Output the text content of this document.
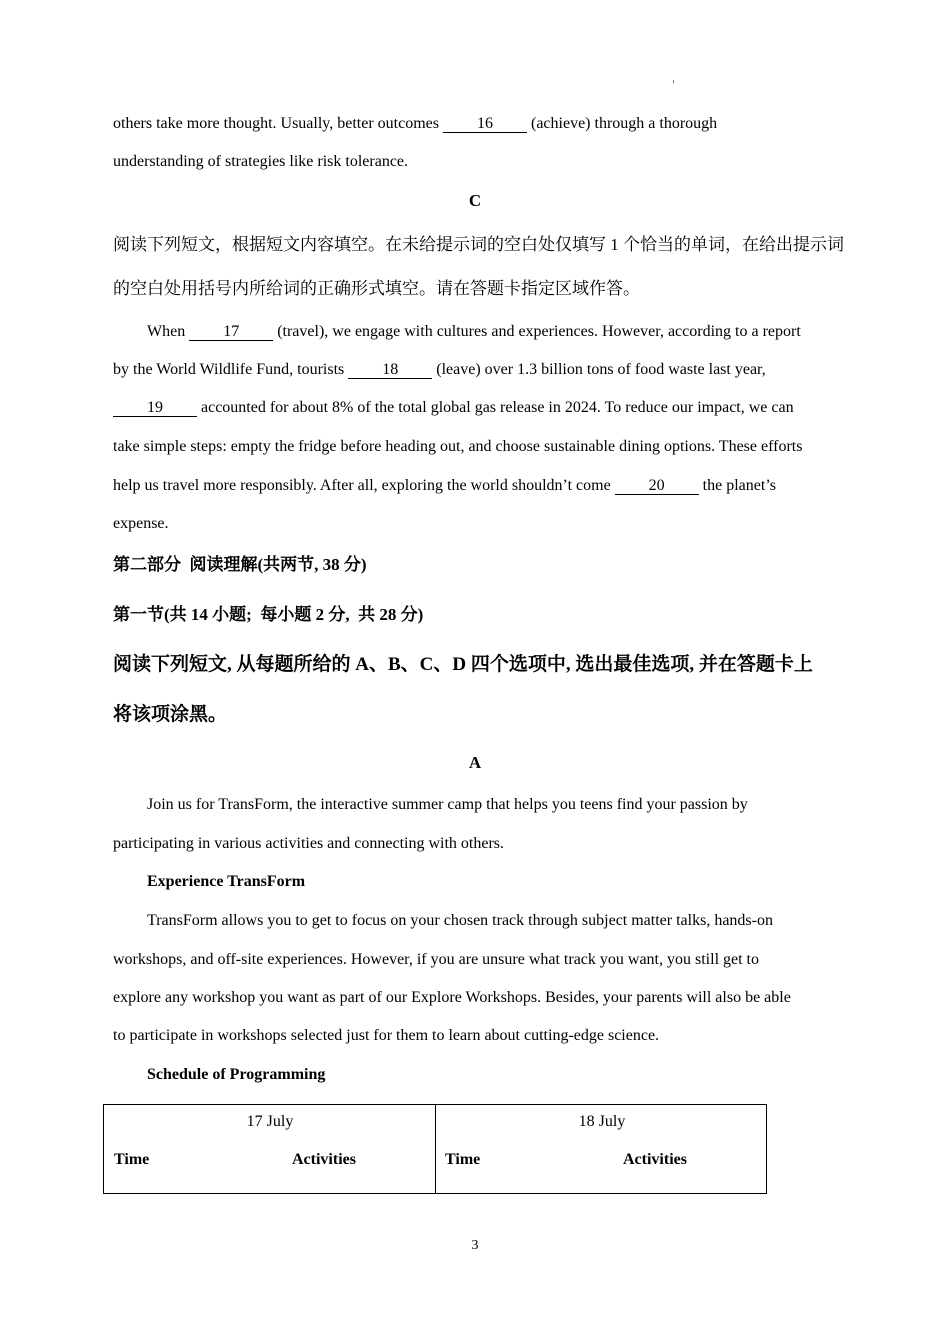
others take more thought. Usually, better outcomes 16 (achieve) through a thorough
understanding of strategies like risk tolerance.
C
阅读下列短文，根据短文内容填空。在未给提示词的空白处仅填写 1 个恰当的单词，在给出提示词
的空白处用括号内所给词的正确形式填空。请在答题卡指定区域作答。
When 17 (travel), we engage with cultures and experiences. However, according to a report
by the World Wildlife Fund, tourists 18 (leave) over 1.3 billion tons of food waste last year,
19 accounted for about 8% of the total global gas release in 2024. To reduce our impact, we can
take simple steps: empty the fridge before heading out, and choose sustainable dining options. These efforts
help us travel more responsibly. After all, exploring the world shouldn’t come 20 the planet’s
expense.
第二部分  阅读理解(共两节, 38 分)
第一节(共 14 小题;  每小题 2 分,  共 28 分)
阅读下列短文, 从每题所给的 A、B、C、D 四个选项中, 选出最佳选项, 并在答题卡上
将该项涂黑。
A
Join us for TransForm, the interactive summer camp that helps you teens find your passion by
participating in various activities and connecting with others.
Experience TransForm
TransForm allows you to get to focus on your chosen track through subject matter talks, hands-on
workshops, and off-site experiences. However, if you are unsure what track you want, you still get to
explore any workshop you want as part of our Explore Workshops. Besides, your parents will also be able
to participate in workshops selected just for them to learn about cutting-edge science.
Schedule of Programming
17 July
Time	Activities
18 July
Time	Activities
3
